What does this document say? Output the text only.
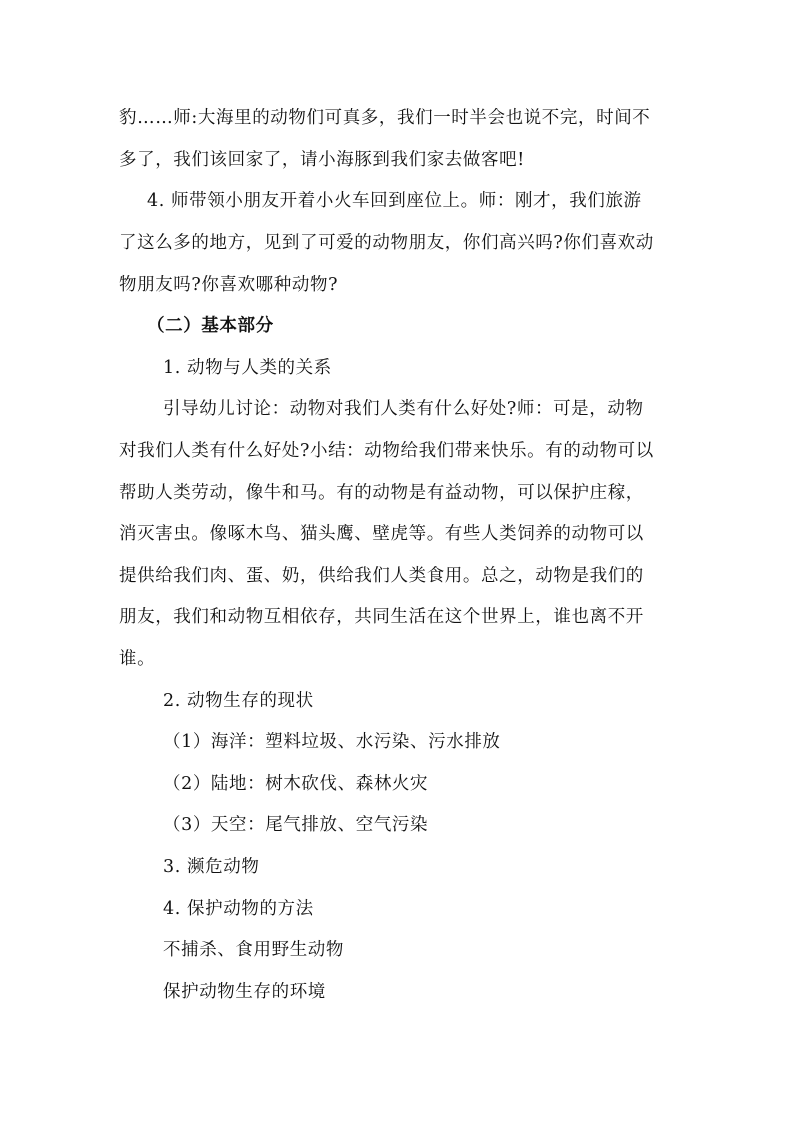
豹……师:大海里的动物们可真多，我们一时半会也说不完，时间不
多了，我们该回家了，请小海豚到我们家去做客吧!
4. 师带领小朋友开着小火车回到座位上。师：刚才，我们旅游
了这么多的地方，见到了可爱的动物朋友，你们高兴吗?你们喜欢动
物朋友吗?你喜欢哪种动物?
（二）基本部分
1. 动物与人类的关系
引导幼儿讨论：动物对我们人类有什么好处?师：可是，动物
对我们人类有什么好处?小结：动物给我们带来快乐。有的动物可以
帮助人类劳动，像牛和马。有的动物是有益动物，可以保护庄稼，
消灭害虫。像啄木鸟、猫头鹰、壁虎等。有些人类饲养的动物可以
提供给我们肉、蛋、奶，供给我们人类食用。总之，动物是我们的
朋友，我们和动物互相依存，共同生活在这个世界上，谁也离不开
谁。
2. 动物生存的现状
（1）海洋：塑料垃圾、水污染、污水排放
（2）陆地：树木砍伐、森林火灾
（3）天空：尾气排放、空气污染
3. 濒危动物
4. 保护动物的方法
不捕杀、食用野生动物
保护动物生存的环境
